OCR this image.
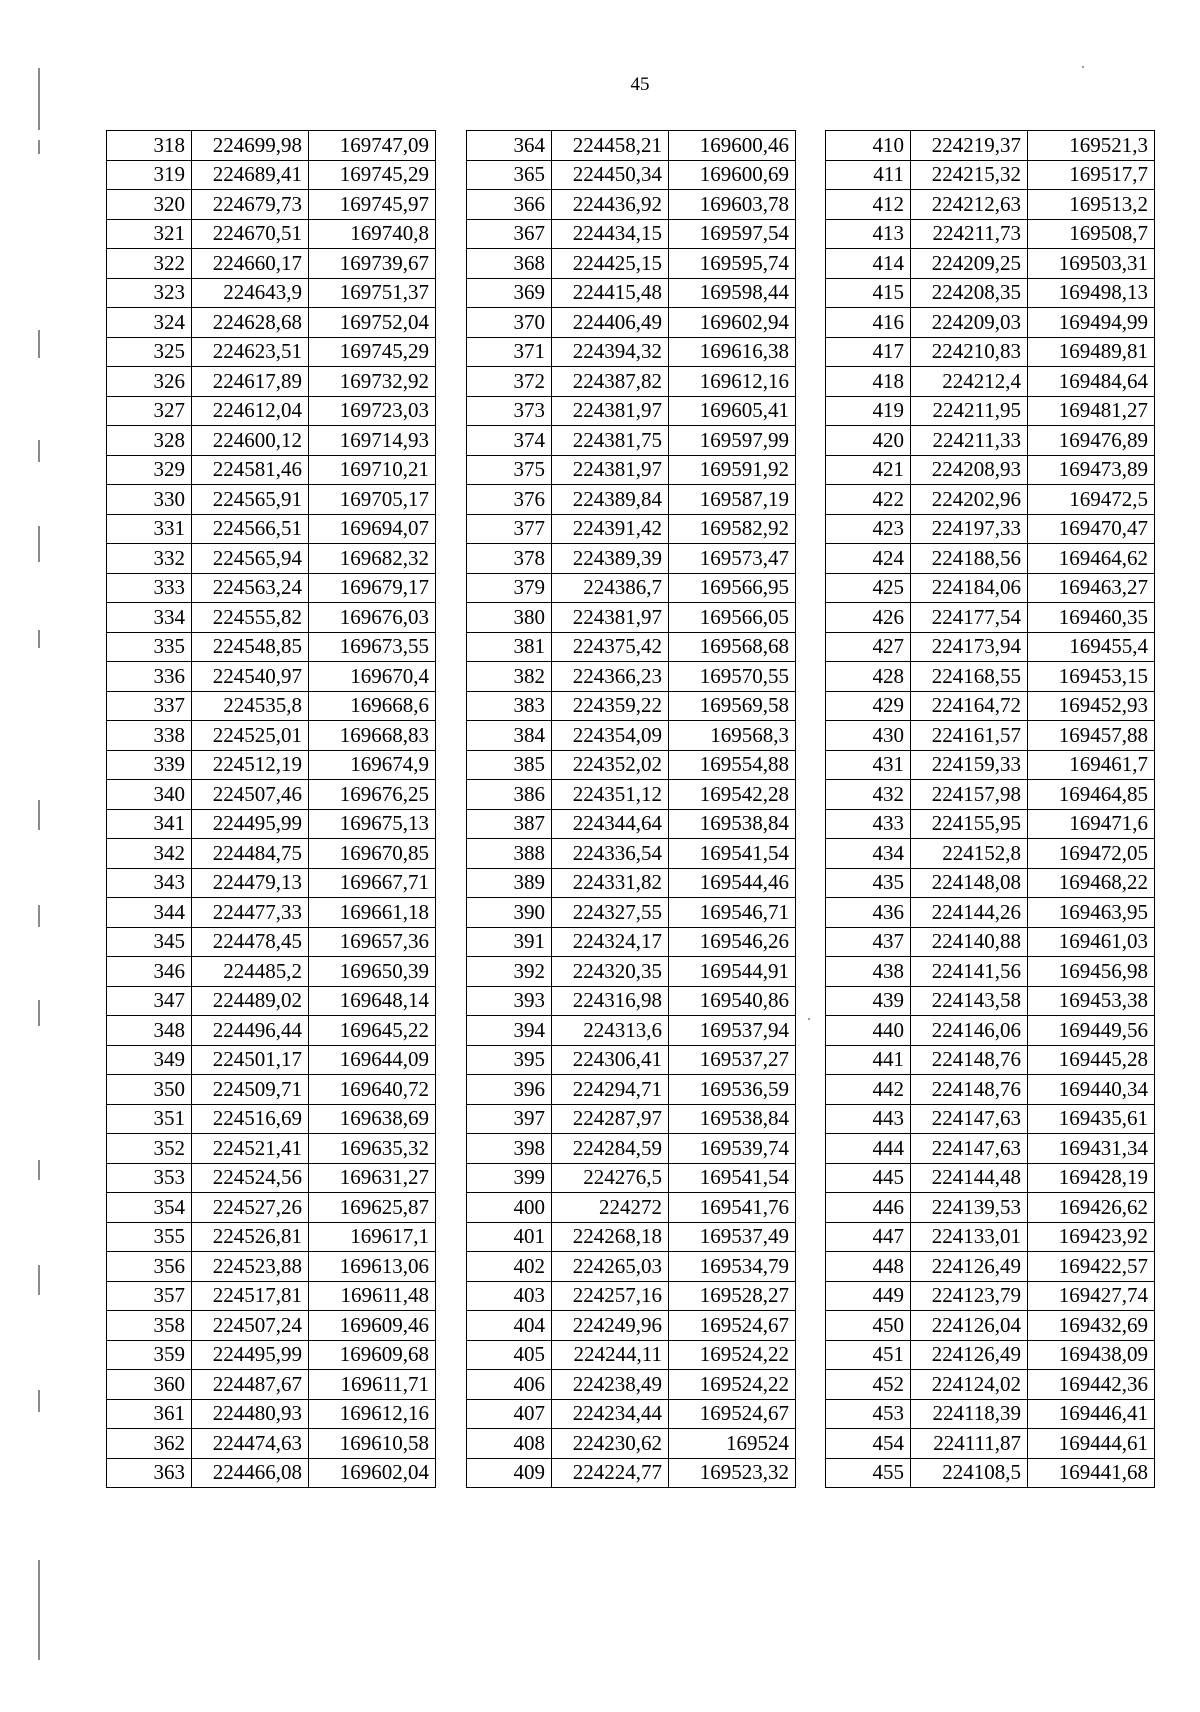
45
318	224699,98	169747,09
319	224689,41	169745,29
320	224679,73	169745,97
321	224670,51	169740,8
322	224660,17	169739,67
323	224643,9	169751,37
324	224628,68	169752,04
325	224623,51	169745,29
326	224617,89	169732,92
327	224612,04	169723,03
328	224600,12	169714,93
329	224581,46	169710,21
330	224565,91	169705,17
331	224566,51	169694,07
332	224565,94	169682,32
333	224563,24	169679,17
334	224555,82	169676,03
335	224548,85	169673,55
336	224540,97	169670,4
337	224535,8	169668,6
338	224525,01	169668,83
339	224512,19	169674,9
340	224507,46	169676,25
341	224495,99	169675,13
342	224484,75	169670,85
343	224479,13	169667,71
344	224477,33	169661,18
345	224478,45	169657,36
346	224485,2	169650,39
347	224489,02	169648,14
348	224496,44	169645,22
349	224501,17	169644,09
350	224509,71	169640,72
351	224516,69	169638,69
352	224521,41	169635,32
353	224524,56	169631,27
354	224527,26	169625,87
355	224526,81	169617,1
356	224523,88	169613,06
357	224517,81	169611,48
358	224507,24	169609,46
359	224495,99	169609,68
360	224487,67	169611,71
361	224480,93	169612,16
362	224474,63	169610,58
363	224466,08	169602,04
364	224458,21	169600,46
365	224450,34	169600,69
366	224436,92	169603,78
367	224434,15	169597,54
368	224425,15	169595,74
369	224415,48	169598,44
370	224406,49	169602,94
371	224394,32	169616,38
372	224387,82	169612,16
373	224381,97	169605,41
374	224381,75	169597,99
375	224381,97	169591,92
376	224389,84	169587,19
377	224391,42	169582,92
378	224389,39	169573,47
379	224386,7	169566,95
380	224381,97	169566,05
381	224375,42	169568,68
382	224366,23	169570,55
383	224359,22	169569,58
384	224354,09	169568,3
385	224352,02	169554,88
386	224351,12	169542,28
387	224344,64	169538,84
388	224336,54	169541,54
389	224331,82	169544,46
390	224327,55	169546,71
391	224324,17	169546,26
392	224320,35	169544,91
393	224316,98	169540,86
394	224313,6	169537,94
395	224306,41	169537,27
396	224294,71	169536,59
397	224287,97	169538,84
398	224284,59	169539,74
399	224276,5	169541,54
400	224272	169541,76
401	224268,18	169537,49
402	224265,03	169534,79
403	224257,16	169528,27
404	224249,96	169524,67
405	224244,11	169524,22
406	224238,49	169524,22
407	224234,44	169524,67
408	224230,62	169524
409	224224,77	169523,32
410	224219,37	169521,3
411	224215,32	169517,7
412	224212,63	169513,2
413	224211,73	169508,7
414	224209,25	169503,31
415	224208,35	169498,13
416	224209,03	169494,99
417	224210,83	169489,81
418	224212,4	169484,64
419	224211,95	169481,27
420	224211,33	169476,89
421	224208,93	169473,89
422	224202,96	169472,5
423	224197,33	169470,47
424	224188,56	169464,62
425	224184,06	169463,27
426	224177,54	169460,35
427	224173,94	169455,4
428	224168,55	169453,15
429	224164,72	169452,93
430	224161,57	169457,88
431	224159,33	169461,7
432	224157,98	169464,85
433	224155,95	169471,6
434	224152,8	169472,05
435	224148,08	169468,22
436	224144,26	169463,95
437	224140,88	169461,03
438	224141,56	169456,98
439	224143,58	169453,38
440	224146,06	169449,56
441	224148,76	169445,28
442	224148,76	169440,34
443	224147,63	169435,61
444	224147,63	169431,34
445	224144,48	169428,19
446	224139,53	169426,62
447	224133,01	169423,92
448	224126,49	169422,57
449	224123,79	169427,74
450	224126,04	169432,69
451	224126,49	169438,09
452	224124,02	169442,36
453	224118,39	169446,41
454	224111,87	169444,61
455	224108,5	169441,68
